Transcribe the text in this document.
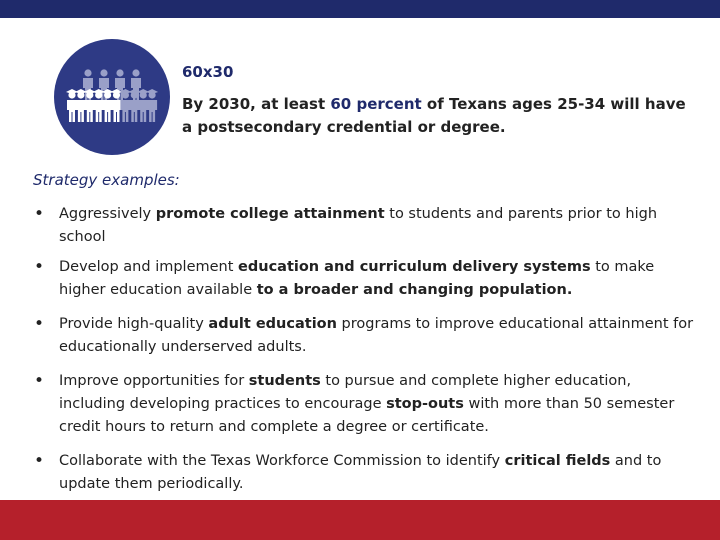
60x30
By 2030, at least 60 percent of Texans ages 25-34 will have a postsecondary credential or degree.
Strategy examples:
• Aggressively promote college attainment to students and parents prior to high school
• Develop and implement education and curriculum delivery systems to make higher education available to a broader and changing population.
• Provide high-quality adult education programs to improve educational attainment for educationally underserved adults.
• Improve opportunities for students to pursue and complete higher education, including developing practices to encourage stop-outs with more than 50 semester credit hours to return and complete a degree or certificate.
• Collaborate with the Texas Workforce Commission to identify critical fields and to update them periodically.
